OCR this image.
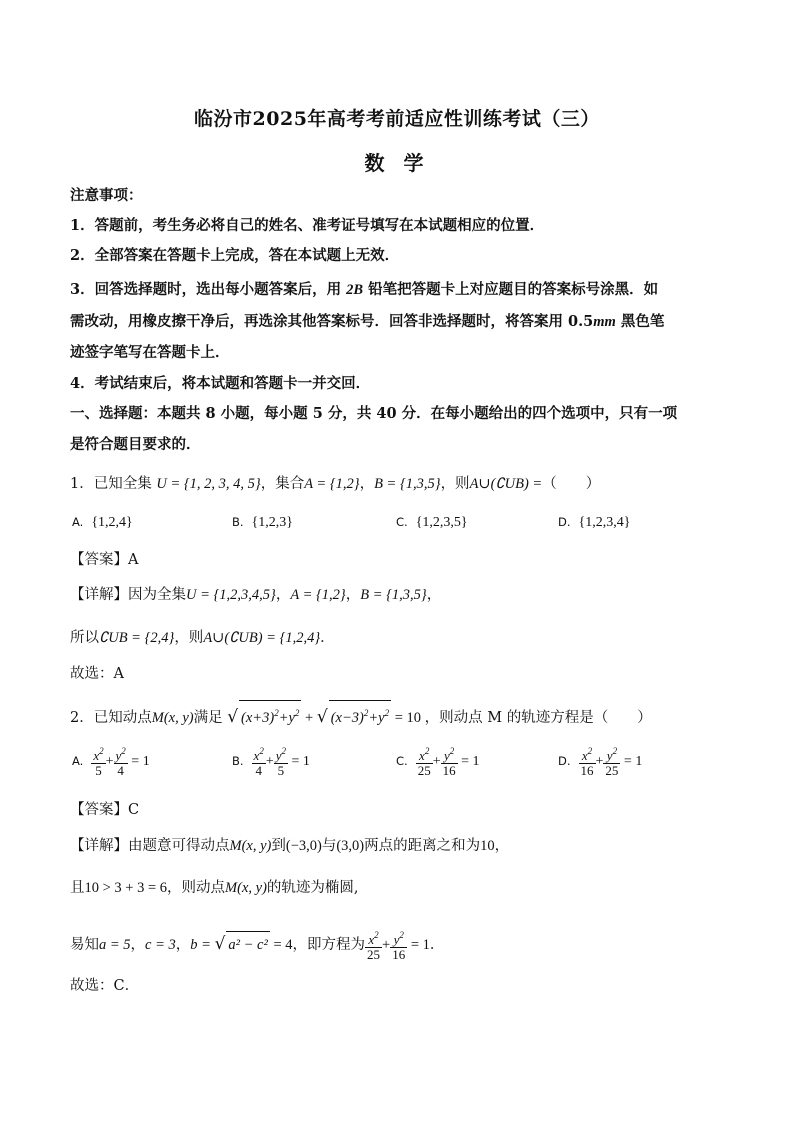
临汾市2025年高考考前适应性训练考试（三）
数 学
注意事项：
1．答题前，考生务必将自己的姓名、准考证号填写在本试题相应的位置．
2．全部答案在答题卡上完成，答在本试题上无效．
3．回答选择题时，选出每小题答案后，用 2B 铅笔把答题卡上对应题目的答案标号涂黑．如
需改动，用橡皮擦干净后，再选涂其他答案标号．回答非选择题时，将答案用 0.5mm 黑色笔
迹签字笔写在答题卡上．
4．考试结束后，将本试题和答题卡一并交回．
一、选择题：本题共 8 小题，每小题 5 分，共 40 分．在每小题给出的四个选项中，只有一项
是符合题目要求的．
1．已知全集 U = {1, 2, 3, 4, 5}，集合A = {1,2}，B = {1,3,5}，则A∪(∁UB) =（　　）
A. {1,2,4}	B. {1,2,3}	C. {1,2,3,5}	D. {1,2,3,4}
【答案】A
【详解】因为全集U = {1,2,3,4,5}，A = {1,2}，B = {1,3,5}，
所以∁UB = {2,4}，则A∪(∁UB) = {1,2,4}．
故选：A
2．已知动点M(x, y)满足 √ $(x+3)^2+y^2$ + √ $(x-3)^2+y^2 = 10$ ，则动点 M 的轨迹方程是（　　）
A. $\frac{x^2}{5} + \frac{y^2}{4} = 1$	B. $\frac{x^2}{4} + \frac{y^2}{5} = 1$	C. $\frac{x^2}{25} + \frac{y^2}{16} = 1$	D. $\frac{x^2}{16} + \frac{y^2}{25} = 1$
【答案】C
【详解】由题意可得动点M(x, y)到(−3,0)与(3,0)两点的距离之和为10，
且10 > 3 + 3 = 6，则动点M(x, y)的轨迹为椭圆,
易知a = 5，c = 3，b = √ a² − c² = 4，即方程为 $\frac{x^2}{25} + \frac{y^2}{16} = 1$．
故选：C．
